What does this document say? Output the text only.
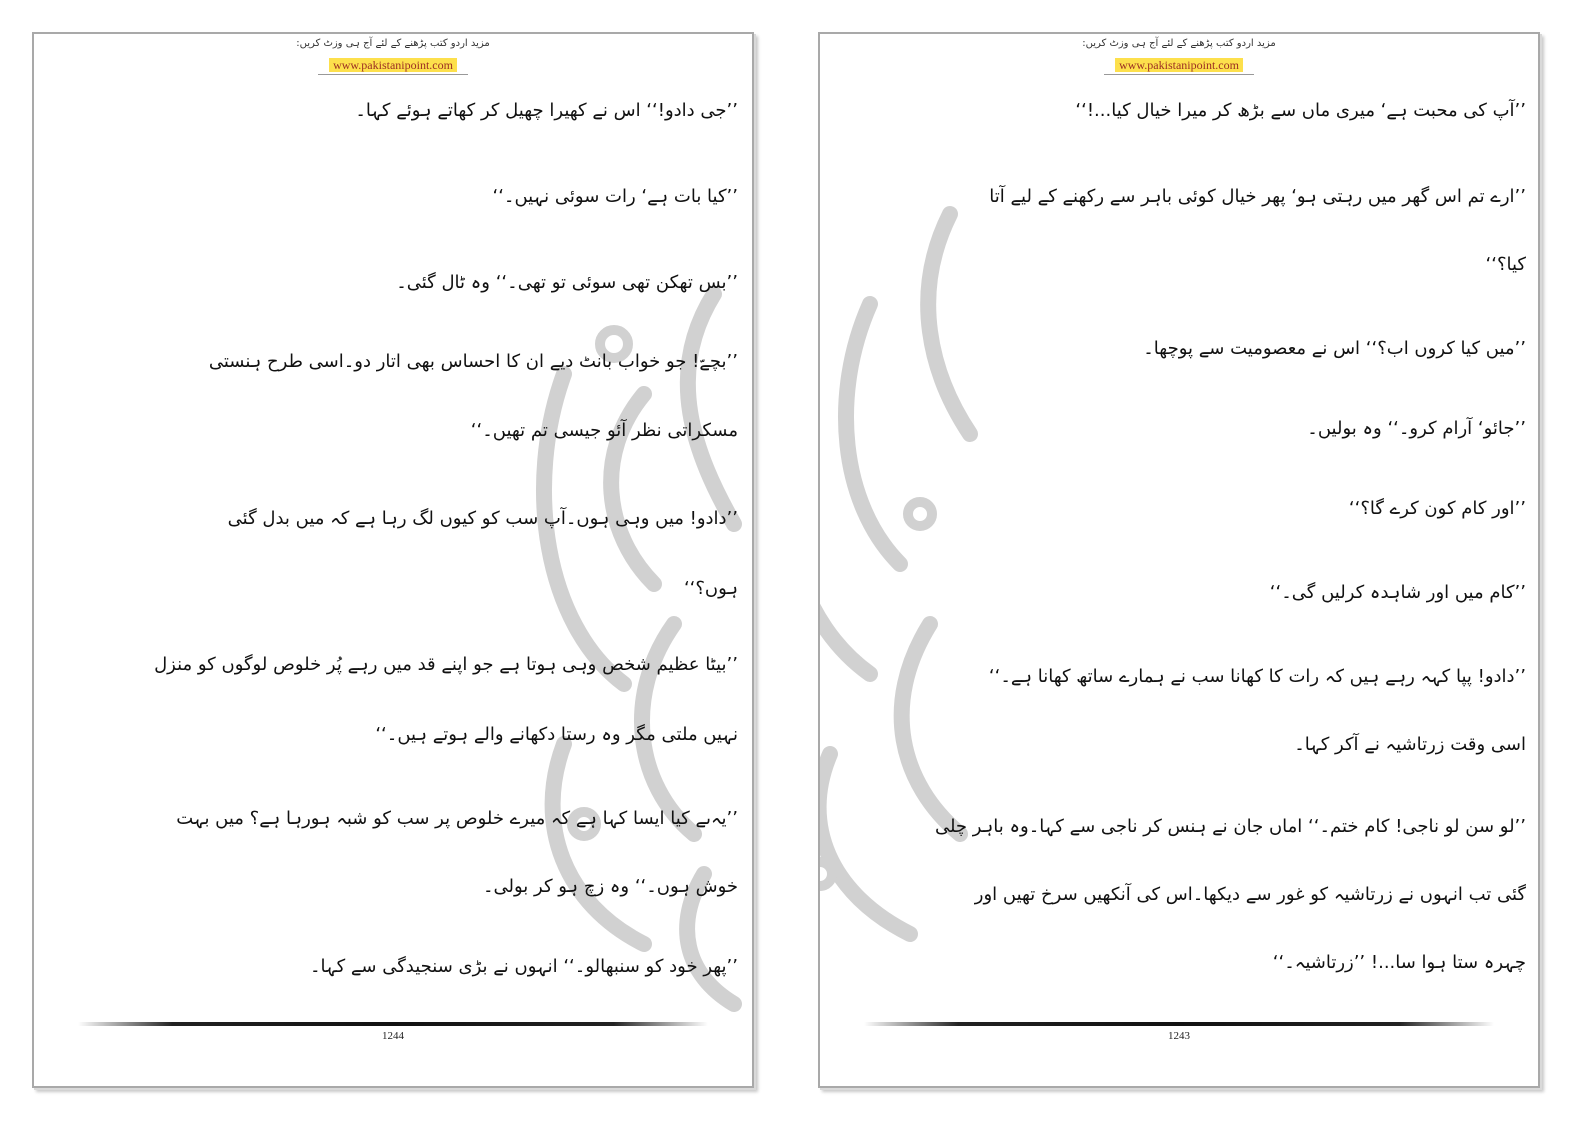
مزید اردو کتب پڑھنے کے لئے آج ہی وزٹ کریں:
www.pakistanipoint.com
’’جی دادو!‘‘ اس نے کھیرا چھیل کر کھاتے ہوئے کہا۔
’’کیا بات ہے‘ رات سوئی نہیں۔‘‘
’’بس تھکن تھی سوئی تو تھی۔‘‘ وہ ٹال گئی۔
’’بچےّ! جو خواب بانٹ دیے ان کا احساس بھی اتار دو۔اسی طرح ہنستی
مسکراتی نظر آئو جیسی تم تھیں۔‘‘
’’دادو! میں وہی ہوں۔آپ سب کو کیوں لگ رہا ہے کہ میں بدل گئی
ہوں؟‘‘
’’بیٹا عظیم شخص وہی ہوتا ہے جو اپنے قد میں رہے پُر خلوص لوگوں کو منزل
نہیں ملتی مگر وہ رستا دکھانے والے ہوتے ہیں۔‘‘
’’یہ‌ںے کیا ایسا کہا ہے کہ میرے خلوص پر سب کو شبہ ہورہا ہے؟ میں بہت
خوش ہوں۔‘‘ وہ زچ ہو کر بولی۔
’’پھر خود کو سنبھالو۔‘‘ انہوں نے بڑی سنجیدگی سے کہا۔
1244
مزید اردو کتب پڑھنے کے لئے آج ہی وزٹ کریں:
www.pakistanipoint.com
’’آپ کی محبت ہے‘ میری ماں سے بڑھ کر میرا خیال کیا...!‘‘
’’ارے تم اس گھر میں رہتی ہو‘ پھر خیال کوئی باہر سے رکھنے کے لیے آتا
کیا؟‘‘
’’میں کیا کروں اب؟‘‘ اس نے معصومیت سے پوچھا۔
’’جائو‘ آرام کرو۔‘‘ وہ بولیں۔
’’اور کام کون کرے گا؟‘‘
’’کام میں اور شاہدہ کرلیں گی۔‘‘
’’دادو! پپا کہہ رہے ہیں کہ رات کا کھانا سب نے ہمارے ساتھ کھانا ہے۔‘‘
اسی وقت زرتاشیہ نے آکر کہا۔
’’لو سن لو ناجی! کام ختم۔‘‘ اماں جان نے ہنس کر ناجی سے کہا۔وہ باہر چلی
گئی تب انہوں نے زرتاشیہ کو غور سے دیکھا۔اس کی آنکھیں سرخ تھیں اور
چہرہ ستا ہوا سا...! ’’زرتاشیہ۔‘‘
1243
